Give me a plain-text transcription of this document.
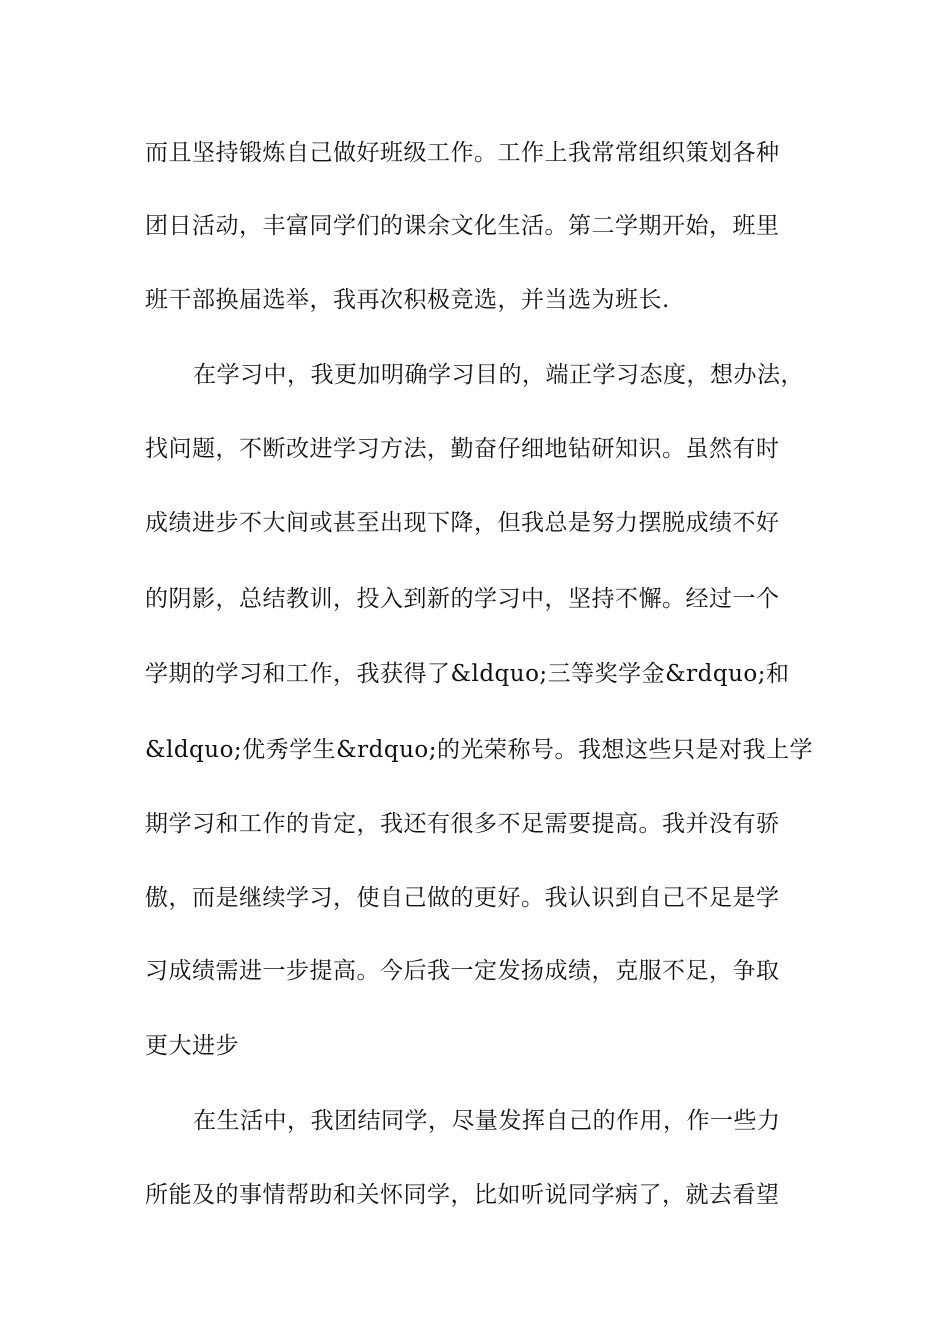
而且坚持锻炼自己做好班级工作。工作上我常常组织策划各种
团日活动，丰富同学们的课余文化生活。第二学期开始，班里
班干部换届选举，我再次积极竞选，并当选为班长.
在学习中，我更加明确学习目的，端正学习态度，想办法，
找问题，不断改进学习方法，勤奋仔细地钻研知识。虽然有时
成绩进步不大间或甚至出现下降，但我总是努力摆脱成绩不好
的阴影，总结教训，投入到新的学习中，坚持不懈。经过一个
学期的学习和工作，我获得了&ldquo;三等奖学金&rdquo;和
&ldquo;优秀学生&rdquo;的光荣称号。我想这些只是对我上学
期学习和工作的肯定，我还有很多不足需要提高。我并没有骄
傲，而是继续学习，使自己做的更好。我认识到自己不足是学
习成绩需进一步提高。今后我一定发扬成绩，克服不足，争取
更大进步
在生活中，我团结同学，尽量发挥自己的作用，作一些力
所能及的事情帮助和关怀同学，比如听说同学病了，就去看望
